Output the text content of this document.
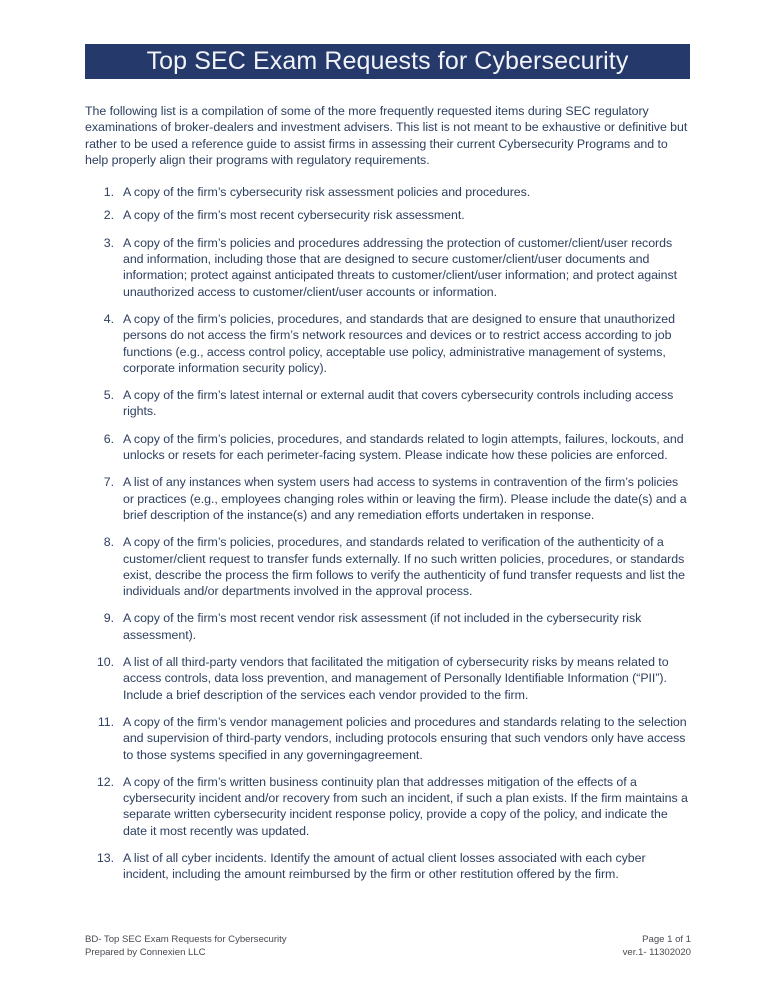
Top SEC Exam Requests for Cybersecurity

The following list is a compilation of some of the more frequently requested items during SEC regulatory examinations of broker-dealers and investment advisers. This list is not meant to be exhaustive or definitive but rather to be used a reference guide to assist firms in assessing their current Cybersecurity Programs and to help properly align their programs with regulatory requirements.

1. A copy of the firm’s cybersecurity risk assessment policies and procedures.
2. A copy of the firm’s most recent cybersecurity risk assessment.
3. A copy of the firm’s policies and procedures addressing the protection of customer/client/user records and information, including those that are designed to secure customer/client/user documents and information; protect against anticipated threats to customer/client/user information; and protect against unauthorized access to customer/client/user accounts or information.
4. A copy of the firm’s policies, procedures, and standards that are designed to ensure that unauthorized persons do not access the firm’s network resources and devices or to restrict access according to job functions (e.g., access control policy, acceptable use policy, administrative management of systems, corporate information security policy).
5. A copy of the firm’s latest internal or external audit that covers cybersecurity controls including access rights.
6. A copy of the firm’s policies, procedures, and standards related to login attempts, failures, lockouts, and unlocks or resets for each perimeter-facing system. Please indicate how these policies are enforced.
7. A list of any instances when system users had access to systems in contravention of the firm’s policies or practices (e.g., employees changing roles within or leaving the firm). Please include the date(s) and a brief description of the instance(s) and any remediation efforts undertaken in response.
8. A copy of the firm’s policies, procedures, and standards related to verification of the authenticity of a customer/client request to transfer funds externally. If no such written policies, procedures, or standards exist, describe the process the firm follows to verify the authenticity of fund transfer requests and list the individuals and/or departments involved in the approval process.
9. A copy of the firm’s most recent vendor risk assessment (if not included in the cybersecurity risk assessment).
10. A list of all third-party vendors that facilitated the mitigation of cybersecurity risks by means related to access controls, data loss prevention, and management of Personally Identifiable Information (“PII”). Include a brief description of the services each vendor provided to the firm.
11. A copy of the firm’s vendor management policies and procedures and standards relating to the selection and supervision of third-party vendors, including protocols ensuring that such vendors only have access to those systems specified in any governingagreement.
12. A copy of the firm’s written business continuity plan that addresses mitigation of the effects of a cybersecurity incident and/or recovery from such an incident, if such a plan exists. If the firm maintains a separate written cybersecurity incident response policy, provide a copy of the policy, and indicate the date it most recently was updated.
13. A list of all cyber incidents. Identify the amount of actual client losses associated with each cyber incident, including the amount reimbursed by the firm or other restitution offered by the firm.
BD- Top SEC Exam Requests for Cybersecurity
Prepared by Connexien LLC
Page 1 of 1
ver.1- 11302020
